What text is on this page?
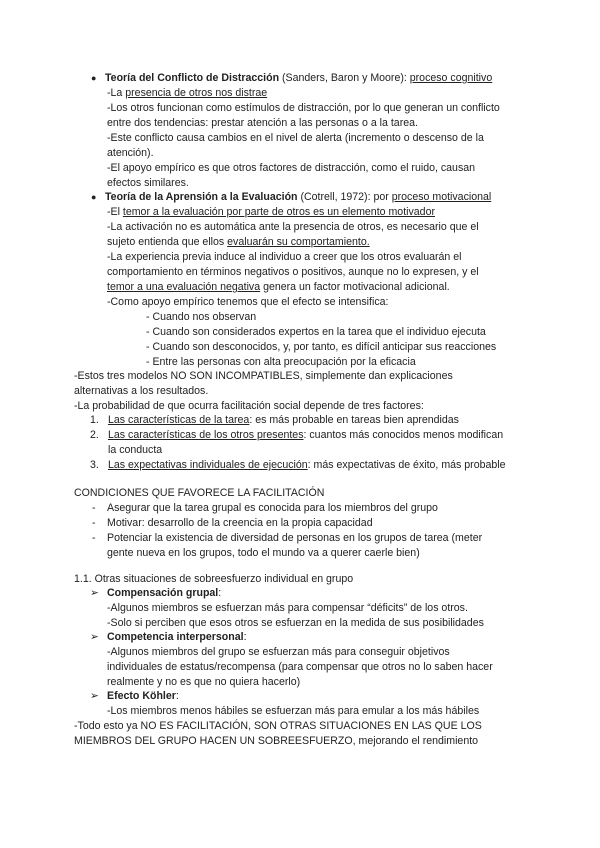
● Teoría del Conflicto de Distracción (Sanders, Baron y Moore): proceso cognitivo
-La presencia de otros nos distrae
-Los otros funcionan como estímulos de distracción, por lo que generan un conflicto
entre dos tendencias: prestar atención a las personas o a la tarea.
-Este conflicto causa cambios en el nivel de alerta (incremento o descenso de la
atención).
-El apoyo empírico es que otros factores de distracción, como el ruido, causan
efectos similares.
● Teoría de la Aprensión a la Evaluación (Cotrell, 1972): por proceso motivacional
-El temor a la evaluación por parte de otros es un elemento motivador
-La activación no es automática ante la presencia de otros, es necesario que el
sujeto entienda que ellos evaluarán su comportamiento.
-La experiencia previa induce al individuo a creer que los otros evaluarán el
comportamiento en términos negativos o positivos, aunque no lo expresen, y el
temor a una evaluación negativa genera un factor motivacional adicional.
-Como apoyo empírico tenemos que el efecto se intensifica:
- Cuando nos observan
- Cuando son considerados expertos en la tarea que el individuo ejecuta
- Cuando son desconocidos, y, por tanto, es difícil anticipar sus reacciones
- Entre las personas con alta preocupación por la eficacia
-Estos tres modelos NO SON INCOMPATIBLES, simplemente dan explicaciones
alternativas a los resultados.
-La probabilidad de que ocurra facilitación social depende de tres factores:
1. Las características de la tarea: es más probable en tareas bien aprendidas
2. Las características de los otros presentes: cuantos más conocidos menos modifican
la conducta
3. Las expectativas individuales de ejecución: más expectativas de éxito, más probable
CONDICIONES QUE FAVORECE LA FACILITACIÓN
- Asegurar que la tarea grupal es conocida para los miembros del grupo
- Motivar: desarrollo de la creencia en la propia capacidad
- Potenciar la existencia de diversidad de personas en los grupos de tarea (meter
gente nueva en los grupos, todo el mundo va a querer caerle bien)
1.1. Otras situaciones de sobreesfuerzo individual en grupo
➢ Compensación grupal:
-Algunos miembros se esfuerzan más para compensar “déficits” de los otros.
-Solo si perciben que esos otros se esfuerzan en la medida de sus posibilidades
➢ Competencia interpersonal:
-Algunos miembros del grupo se esfuerzan más para conseguir objetivos
individuales de estatus/recompensa (para compensar que otros no lo saben hacer
realmente y no es que no quiera hacerlo)
➢ Efecto Köhler:
-Los miembros menos hábiles se esfuerzan más para emular a los más hábiles
-Todo esto ya NO ES FACILITACIÓN, SON OTRAS SITUACIONES EN LAS QUE LOS
MIEMBROS DEL GRUPO HACEN UN SOBREESFUERZO, mejorando el rendimiento
